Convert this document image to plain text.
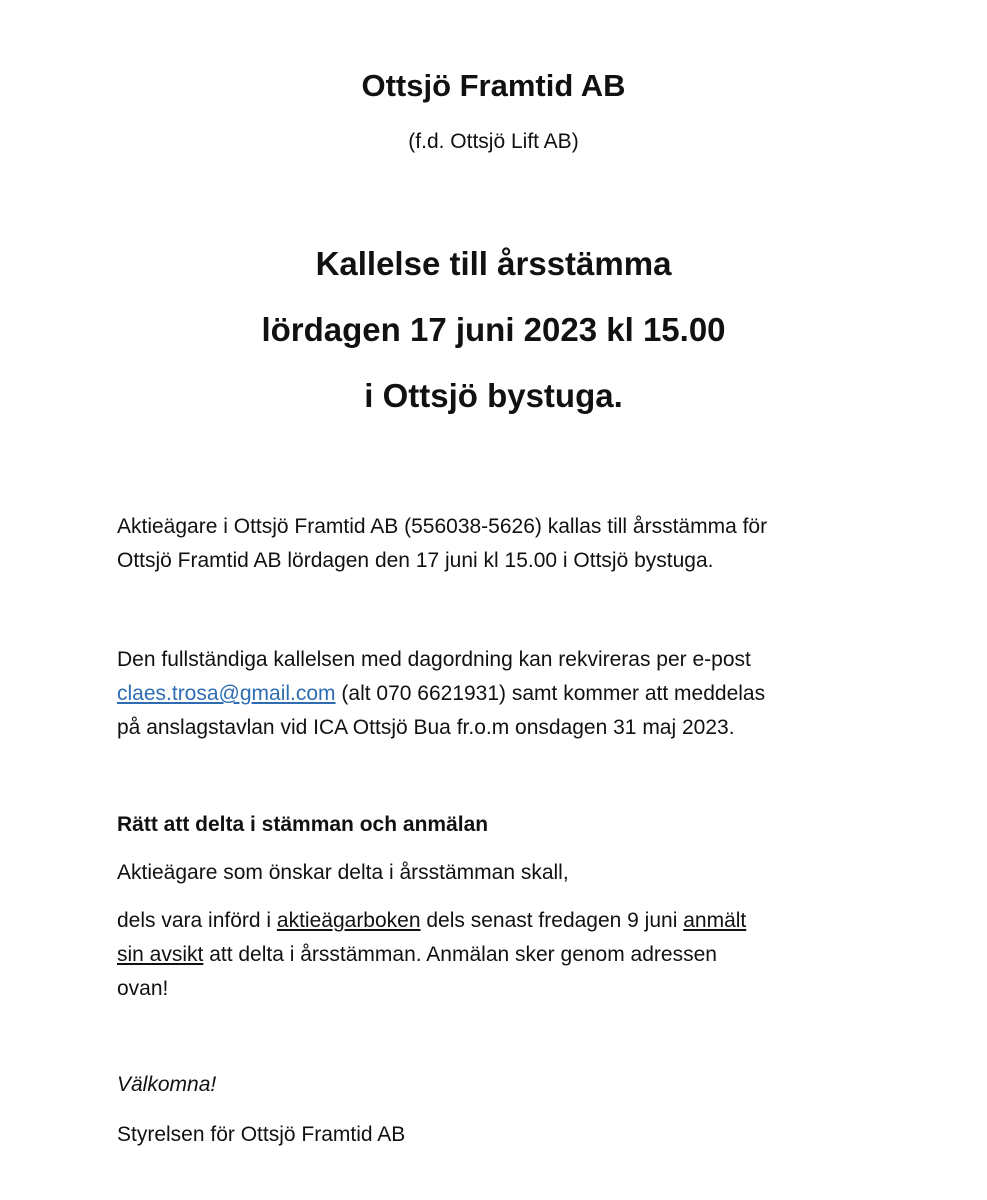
Ottsjö Framtid AB
(f.d. Ottsjö Lift AB)
Kallelse till årsstämma
lördagen 17 juni 2023 kl 15.00
i Ottsjö bystuga.
Aktieägare i Ottsjö Framtid AB (556038-5626) kallas till årsstämma för
Ottsjö Framtid AB lördagen den 17 juni kl 15.00 i Ottsjö bystuga.
Den fullständiga kallelsen med dagordning kan rekvireras per e-post
claes.trosa@gmail.com (alt 070 6621931) samt kommer att meddelas
på anslagstavlan vid ICA Ottsjö Bua fr.o.m onsdagen 31 maj 2023.
Rätt att delta i stämman och anmälan
Aktieägare som önskar delta i årsstämman skall,
dels vara införd i aktieägarboken dels senast fredagen 9 juni anmält
sin avsikt att delta i årsstämman. Anmälan sker genom adressen
ovan!
Välkomna!
Styrelsen för Ottsjö Framtid AB
